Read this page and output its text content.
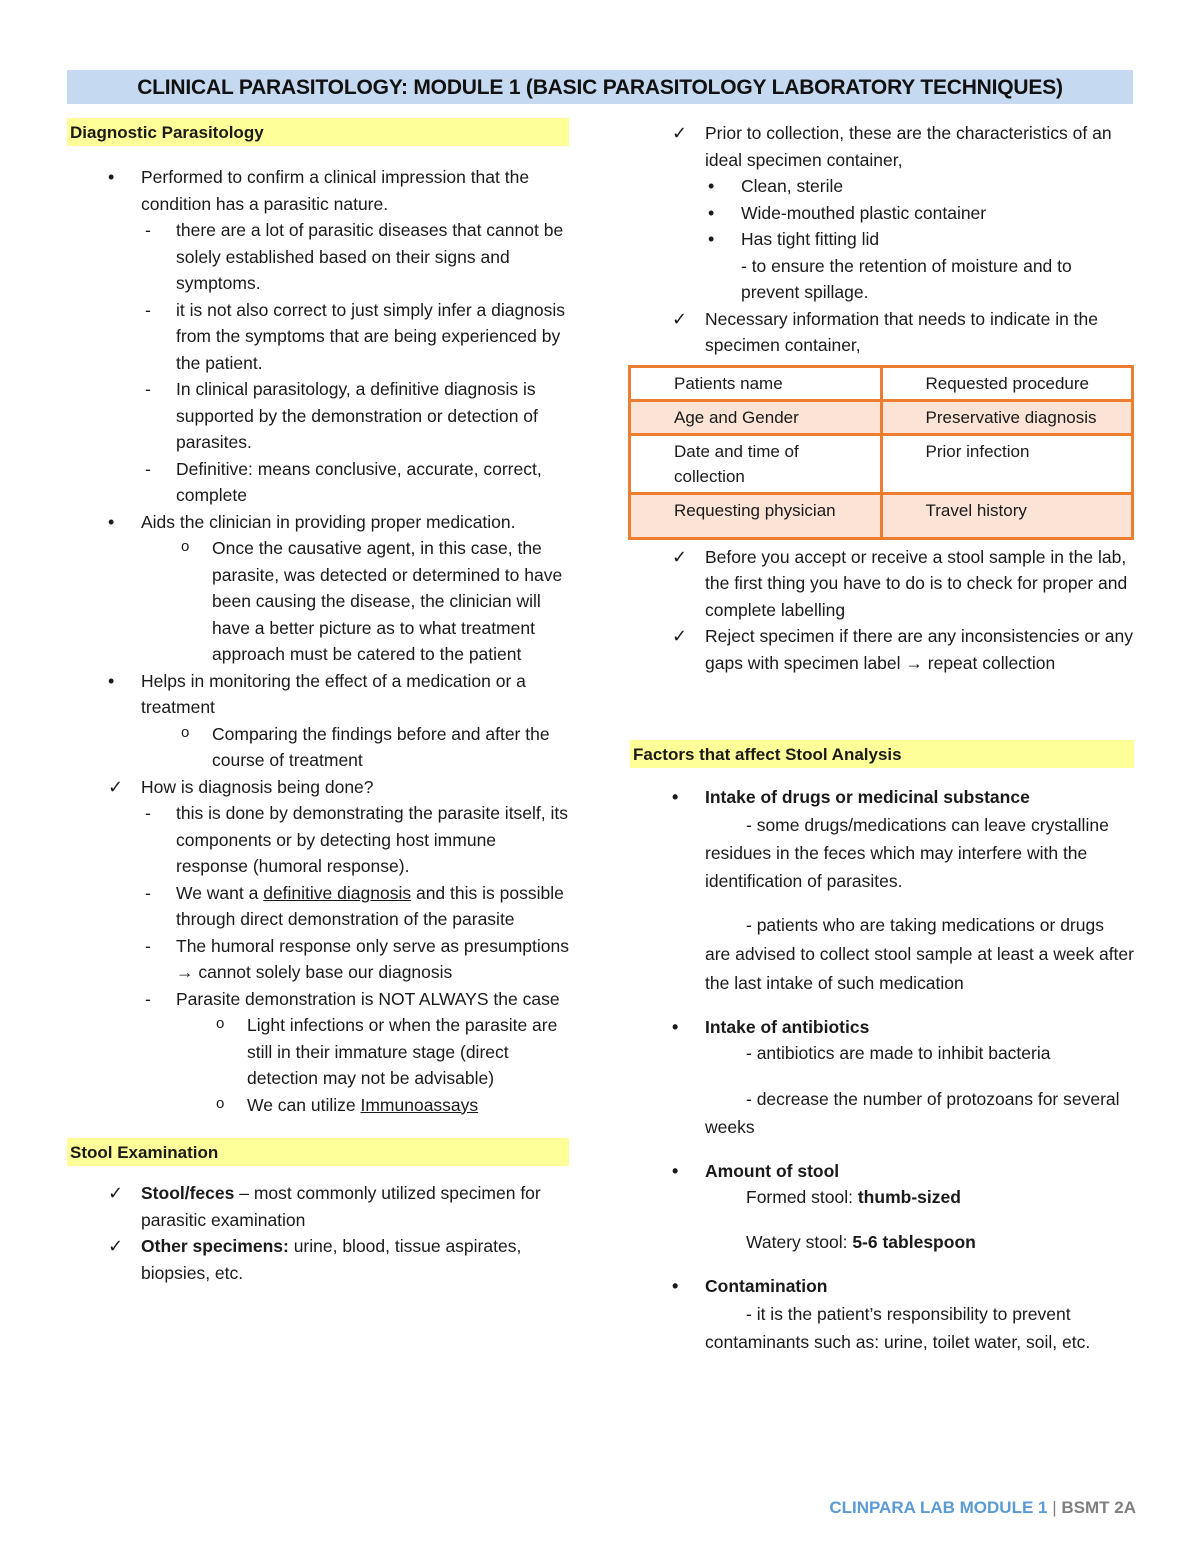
CLINICAL PARASITOLOGY: MODULE 1 (BASIC PARASITOLOGY LABORATORY TECHNIQUES)
Diagnostic Parasitology
• Performed to confirm a clinical impression that the condition has a parasitic nature.
- there are a lot of parasitic diseases that cannot be solely established based on their signs and symptoms.
- it is not also correct to just simply infer a diagnosis from the symptoms that are being experienced by the patient.
- In clinical parasitology, a definitive diagnosis is supported by the demonstration or detection of parasites.
- Definitive: means conclusive, accurate, correct, complete
• Aids the clinician in providing proper medication.
o Once the causative agent, in this case, the parasite, was detected or determined to have been causing the disease, the clinician will have a better picture as to what treatment approach must be catered to the patient
• Helps in monitoring the effect of a medication or a treatment
o Comparing the findings before and after the course of treatment
✓ How is diagnosis being done?
- this is done by demonstrating the parasite itself, its components or by detecting host immune response (humoral response).
- We want a definitive diagnosis and this is possible through direct demonstration of the parasite
- The humoral response only serve as presumptions → cannot solely base our diagnosis
- Parasite demonstration is NOT ALWAYS the case
o Light infections or when the parasite are still in their immature stage (direct detection may not be advisable)
o We can utilize Immunoassays
Stool Examination
✓ Stool/feces – most commonly utilized specimen for parasitic examination
✓ Other specimens: urine, blood, tissue aspirates, biopsies, etc.
✓ Prior to collection, these are the characteristics of an ideal specimen container,
• Clean, sterile
• Wide-mouthed plastic container
• Has tight fitting lid
- to ensure the retention of moisture and to prevent spillage.
✓ Necessary information that needs to indicate in the specimen container,
Patients name	Requested procedure
Age and Gender	Preservative diagnosis
Date and time of collection	Prior infection
Requesting physician	Travel history
✓ Before you accept or receive a stool sample in the lab, the first thing you have to do is to check for proper and complete labelling
✓ Reject specimen if there are any inconsistencies or any gaps with specimen label → repeat collection
Factors that affect Stool Analysis
• Intake of drugs or medicinal substance
- some drugs/medications can leave crystalline residues in the feces which may interfere with the identification of parasites.
- patients who are taking medications or drugs are advised to collect stool sample at least a week after the last intake of such medication
• Intake of antibiotics
- antibiotics are made to inhibit bacteria
- decrease the number of protozoans for several weeks
• Amount of stool
Formed stool: thumb-sized
Watery stool: 5-6 tablespoon
• Contamination
- it is the patient’s responsibility to prevent contaminants such as: urine, toilet water, soil, etc.
CLINPARA LAB MODULE 1 | BSMT 2A
